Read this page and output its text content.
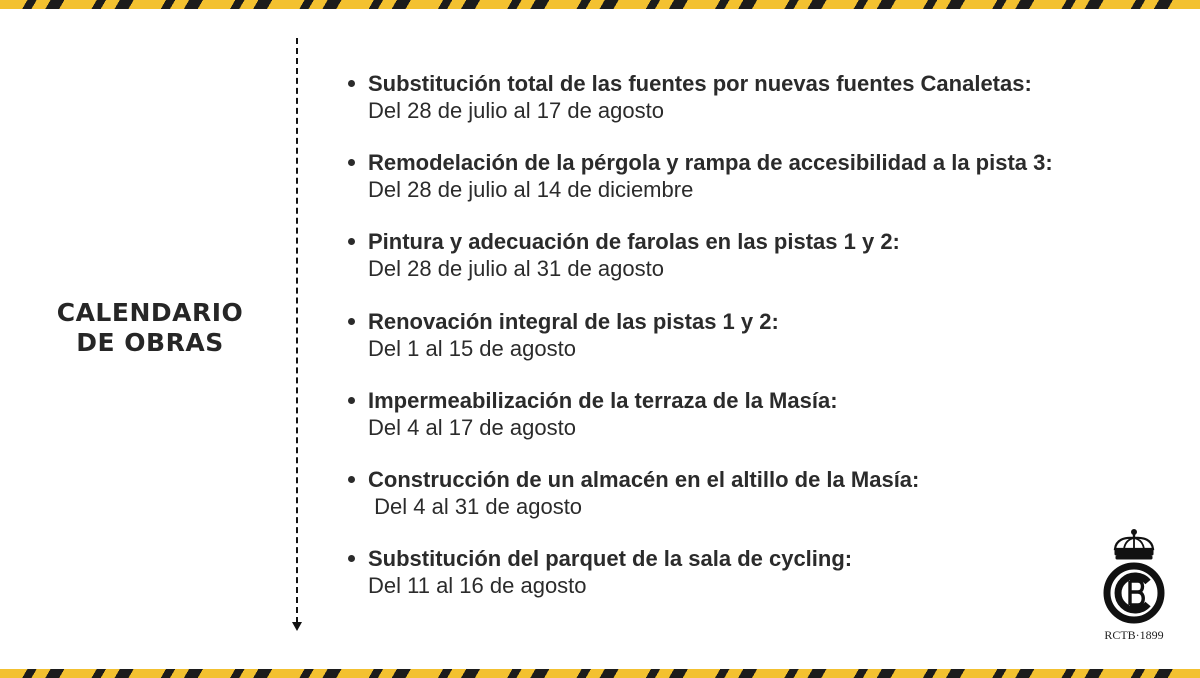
CALENDARIO
DE OBRAS
Substitución total de las fuentes por nuevas fuentes Canaletas:
Del 28 de julio al 17 de agosto
Remodelación de la pérgola y rampa de accesibilidad a la pista 3:
Del 28 de julio al 14 de diciembre
Pintura y adecuación de farolas en las pistas 1 y 2:
Del 28 de julio al 31 de agosto
Renovación integral de las pistas 1 y 2:
Del 1 al 15 de agosto
Impermeabilización de la terraza de la Masía:
Del 4 al 17 de agosto
Construcción de un almacén en el altillo de la Masía:
Del 4 al 31 de agosto
Substitución del parquet de la sala de cycling:
Del 11 al 16 de agosto
RCTB·1899
